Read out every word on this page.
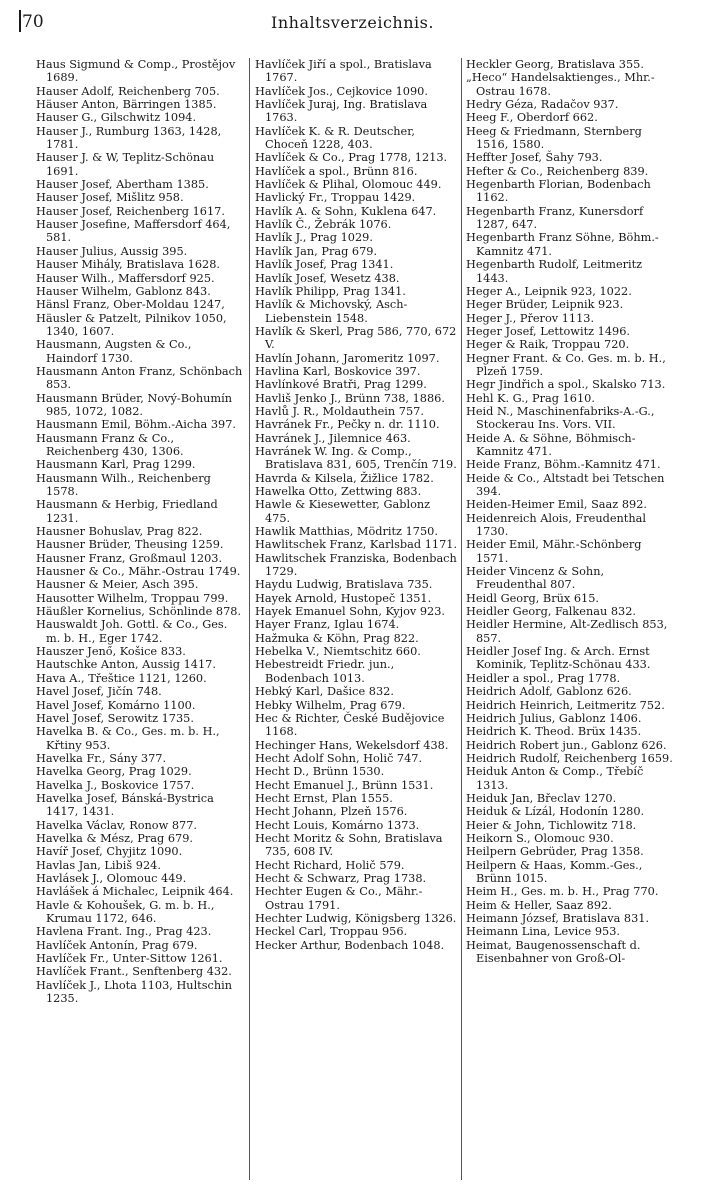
70	Inhaltsverzeichnis.

Haus Sigmund & Comp., Prostějov 1689.

Hauser Adolf, Reichenberg 705.

Häuser Anton, Bärringen 1385.

Hauser G., Gilschwitz 1094.

Hauser J., Rumburg 1363, 1428, 1781.

Hauser J. & W, Teplitz-Schönau 1691.

Hauser Josef, Abertham 1385.

Hauser Josef, Mišlitz 958.

Hauser Josef, Reichenberg 1617.

Hauser Josefine, Maffersdorf 464, 581.

Hauser Julius, Aussig 395.

Hauser Mihály, Bratislava 1628.

Hauser Wilh., Maffersdorf 925.

Hauser Wilhelm, Gablonz 843.

Hänsl Franz, Ober-Moldau 1247,

Häusler & Patzelt, Pilnikov 1050, 1340, 1607.

Hausmann, Augsten & Co., Haindorf 1730.

Hausmann Anton Franz, Schönbach 853.

Hausmann Brüder, Nový-Bohumín 985, 1072, 1082.

Hausmann Emil, Böhm.-Aicha 397.

Hausmann Franz & Co., Reichenberg 430, 1306.

Hausmann Karl, Prag 1299.

Hausmann Wilh., Reichenberg 1578.

Hausmann & Herbig, Friedland 1231.

Hausner Bohuslav, Prag 822.

Hausner Brüder, Theusing 1259.

Hausner Franz, Großmaul 1203.

Hausner & Co., Mähr.-Ostrau 1749.

Hausner & Meier, Asch 395.

Hausotter Wilhelm, Troppau 799.

Häußler Kornelius, Schönlinde 878.

Hauswaldt Joh. Gottl. & Co., Ges. m. b. H., Eger 1742.

Hauszer Jenő, Košice 833.

Hautschke Anton, Aussig 1417.

Hava A., Třeštice 1121, 1260.

Havel Josef, Jičín 748.

Havel Josef, Komárno 1100.

Havel Josef, Serowitz 1735.

Havelka B. & Co., Ges. m. b. H., Křtiny 953.

Havelka Fr., Sány 377.

Havelka Georg, Prag 1029.

Havelka J., Boskovice 1757.

Havelka Josef, Bánská-Bystrica 1417, 1431.

Havelka Václav, Ronow 877.

Havelka & Mész, Prag 679.

Havíř Josef, Chyjitz 1090.

Havlas Jan, Libiš 924.

Havlásek J., Olomouc 449.

Havlášek á Michalec, Leipnik 464.

Havle & Kohoušek, G. m. b. H., Krumau 1172, 646.

Havlena Frant. Ing., Prag 423.

Havlíček Antonín, Prag 679.

Havlíček Fr., Unter-Sittow 1261.

Havlíček Frant., Senftenberg 432.

Havlíček J., Lhota 1103, Hultschin 1235.

Havlíček Jiří a spol., Bratislava 1767.

Havlíček Jos., Cejkovice 1090.

Havlíček Juraj, Ing. Bratislava 1763.

Havlíček K. & R. Deutscher, Choceň 1228, 403.

Havlíček & Co., Prag 1778, 1213.

Havlíček a spol., Brünn 816.

Havlíček & Plihal, Olomouc 449.

Havlický Fr., Troppau 1429.

Havlík A. & Sohn, Kuklena 647.

Havlík Č., Žebrák 1076.

Havlík J., Prag 1029.

Havlík Jan, Prag 679.

Havlík Josef, Prag 1341.

Havlík Josef, Wesetz 438.

Havlík Philipp, Prag 1341.

Havlík & Michovský, Asch-Liebenstein 1548.

Havlík & Skerl, Prag 586, 770, 672 V.

Havlín Johann, Jaromeritz 1097.

Havlina Karl, Boskovice 397.

Havlínkové Bratři, Prag 1299.

Havliš Jenko J., Brünn 738, 1886.

Havlů J. R., Moldauthein 757.

Havránek Fr., Pečky n. dr. 1110.

Havránek J., Jilemnice 463.

Havránek W. Ing. & Comp., Bratislava 831, 605, Trenčín 719.

Havrda & Kilsela, Žižlice 1782.

Hawelka Otto, Zettwing 883.

Hawle & Kiesewetter, Gablonz 475.

Hawlik Matthias, Mödritz 1750.

Hawlitschek Franz, Karlsbad 1171.

Hawlitschek Franziska, Bodenbach 1729.

Haydu Ludwig, Bratislava 735.

Hayek Arnold, Hustopeč 1351.

Hayek Emanuel Sohn, Kyjov 923.

Hayer Franz, Iglau 1674.

Hažmuka & Köhn, Prag 822.

Hebelka V., Niemtschitz 660.

Hebestreidt Friedr. jun., Bodenbach 1013.

Hebký Karl, Dašice 832.

Hebky Wilhelm, Prag 679.

Hec & Richter, České Budějovice 1168.

Hechinger Hans, Wekelsdorf 438.

Hecht Adolf Sohn, Holič 747.

Hecht D., Brünn 1530.

Hecht Emanuel J., Brünn 1531.

Hecht Ernst, Plan 1555.

Hecht Johann, Plzeň 1576.

Hecht Louis, Komárno 1373.

Hecht Moritz & Sohn, Bratislava 735, 608 IV.

Hecht Richard, Holič 579.

Hecht & Schwarz, Prag 1738.

Hechter Eugen & Co., Mähr.-Ostrau 1791.

Hechter Ludwig, Königsberg 1326.

Heckel Carl, Troppau 956.

Hecker Arthur, Bodenbach 1048.

Heckler Georg, Bratislava 355.

„Heco“ Handelsaktienges., Mhr.-Ostrau 1678.

Hedry Géza, Radačov 937.

Heeg F., Oberdorf 662.

Heeg & Friedmann, Sternberg 1516, 1580.

Heffter Josef, Šahy 793.

Hefter & Co., Reichenberg 839.

Hegenbarth Florian, Bodenbach 1162.

Hegenbarth Franz, Kunersdorf 1287, 647.

Hegenbarth Franz Söhne, Böhm.-Kamnitz 471.

Hegenbarth Rudolf, Leitmeritz 1443.

Heger A., Leipnik 923, 1022.

Heger Brüder, Leipnik 923.

Heger J., Přerov 1113.

Heger Josef, Lettowitz 1496.

Heger & Raik, Troppau 720.

Hegner Frant. & Co. Ges. m. b. H., Plzeň 1759.

Hegr Jindřich a spol., Skalsko 713.

Hehl K. G., Prag 1610.

Heid N., Maschinenfabriks-A.-G., Stockerau Ins. Vors. VII.

Heide A. & Söhne, Böhmisch-Kamnitz 471.

Heide Franz, Böhm.-Kamnitz 471.

Heide & Co., Altstadt bei Tetschen 394.

Heiden-Heimer Emil, Saaz 892.

Heidenreich Alois, Freudenthal 1730.

Heider Emil, Mähr.-Schönberg 1571.

Heider Vincenz & Sohn, Freudenthal 807.

Heidl Georg, Brüx 615.

Heidler Georg, Falkenau 832.

Heidler Hermine, Alt-Zedlisch 853, 857.

Heidler Josef Ing. & Arch. Ernst Kominik, Teplitz-Schönau 433.

Heidler a spol., Prag 1778.

Heidrich Adolf, Gablonz 626.

Heidrich Heinrich, Leitmeritz 752.

Heidrich Julius, Gablonz 1406.

Heidrich K. Theod. Brüx 1435.

Heidrich Robert jun., Gablonz 626.

Heidrich Rudolf, Reichenberg 1659.

Heiduk Anton & Comp., Třebíč 1313.

Heiduk Jan, Břeclav 1270.

Heiduk & Lízál, Hodonín 1280.

Heier & John, Tichlowitz 718.

Heikorn S., Olomouc 930.

Heilpern Gebrüder, Prag 1358.

Heilpern & Haas, Komm.-Ges., Brünn 1015.

Heim H., Ges. m. b. H., Prag 770.

Heim & Heller, Saaz 892.

Heimann József, Bratislava 831.

Heimann Lina, Levice 953.

Heimat, Baugenossenschaft d. Eisenbahner von Groß-Ol-
